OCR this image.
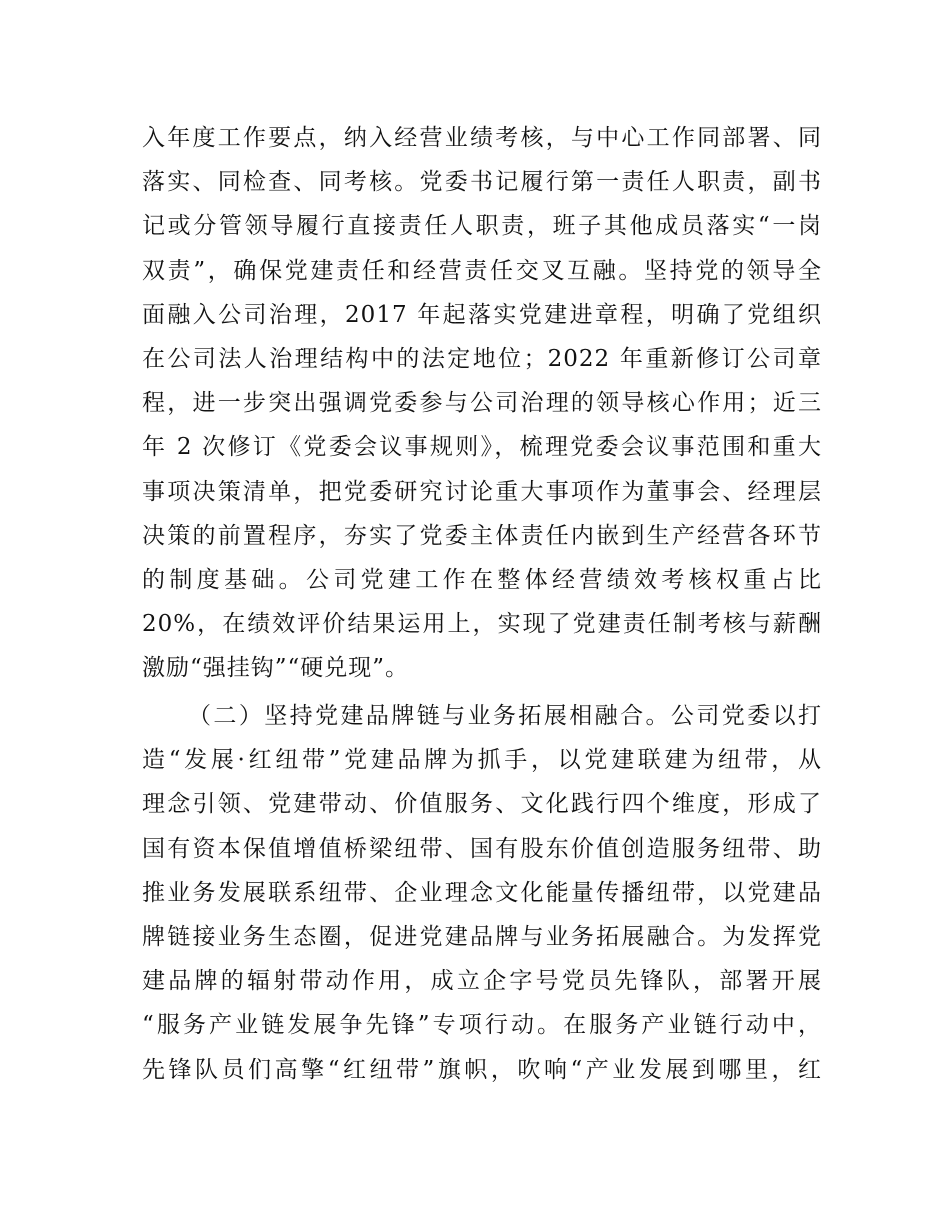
入年度工作要点，纳入经营业绩考核，与中心工作同部署、同
落实、同检查、同考核。党委书记履行第一责任人职责，副书
记或分管领导履行直接责任人职责，班子其他成员落实“一岗
双责”，确保党建责任和经营责任交叉互融。坚持党的领导全
面融入公司治理，2017 年起落实党建进章程，明确了党组织
在公司法人治理结构中的法定地位；2022 年重新修订公司章
程，进一步突出强调党委参与公司治理的领导核心作用；近三
年 2 次修订《党委会议事规则》，梳理党委会议事范围和重大
事项决策清单，把党委研究讨论重大事项作为董事会、经理层
决策的前置程序，夯实了党委主体责任内嵌到生产经营各环节
的制度基础。公司党建工作在整体经营绩效考核权重占比
20%，在绩效评价结果运用上，实现了党建责任制考核与薪酬
激励“强挂钩”“硬兑现”。
（二）坚持党建品牌链与业务拓展相融合。公司党委以打
造“发展·红纽带”党建品牌为抓手，以党建联建为纽带，从
理念引领、党建带动、价值服务、文化践行四个维度，形成了
国有资本保值增值桥梁纽带、国有股东价值创造服务纽带、助
推业务发展联系纽带、企业理念文化能量传播纽带，以党建品
牌链接业务生态圈，促进党建品牌与业务拓展融合。为发挥党
建品牌的辐射带动作用，成立企字号党员先锋队，部署开展
“服务产业链发展争先锋”专项行动。在服务产业链行动中，
先锋队员们高擎“红纽带”旗帜，吹响“产业发展到哪里，红
